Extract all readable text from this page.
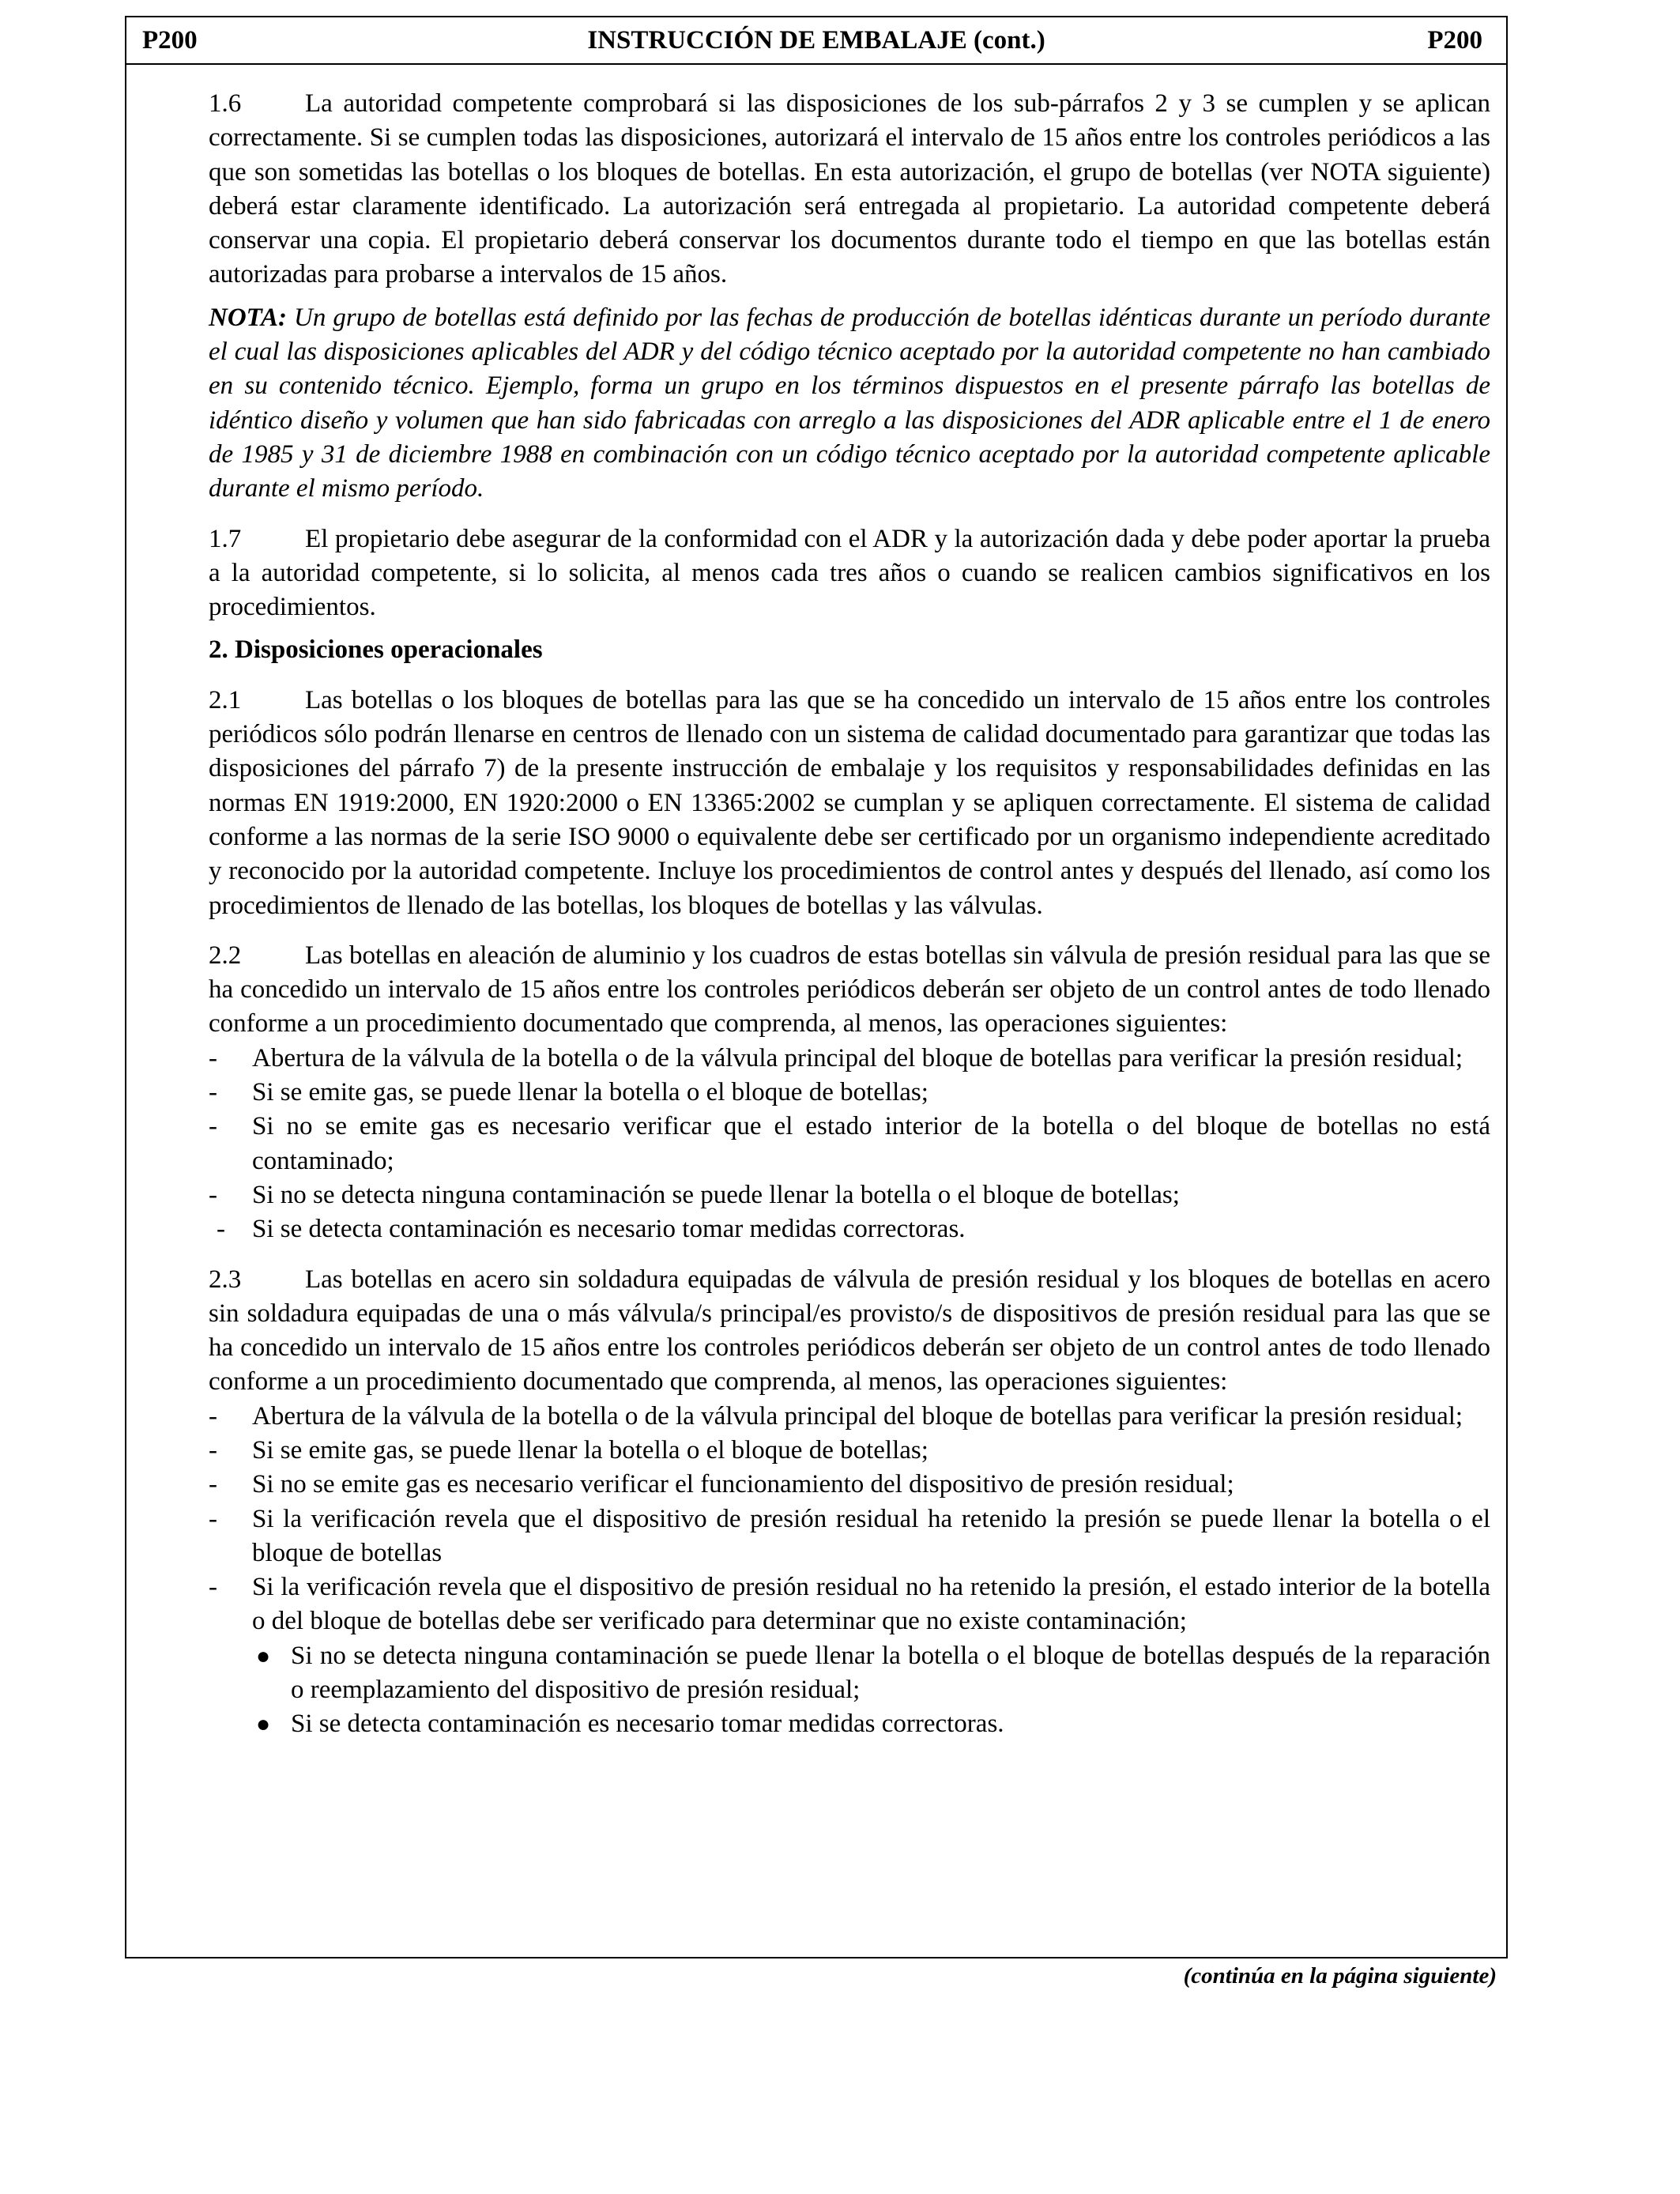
INSTRUCCIÓN DE EMBALAJE (cont.)
P200	P200

1.6 La autoridad competente comprobará si las disposiciones de los sub-párrafos 2 y 3 se cumplen y se aplican correctamente. Si se cumplen todas las disposiciones, autorizará el intervalo de 15 años entre los controles periódicos a las que son sometidas las botellas o los bloques de botellas. En esta autorización, el grupo de botellas (ver NOTA siguiente) deberá estar claramente identificado. La autorización será entregada al propietario. La autoridad competente deberá conservar una copia. El propietario deberá conservar los documentos durante todo el tiempo en que las botellas están autorizadas para probarse a intervalos de 15 años.

NOTA: Un grupo de botellas está definido por las fechas de producción de botellas idénticas durante un período durante el cual las disposiciones aplicables del ADR y del código técnico aceptado por la autoridad competente no han cambiado en su contenido técnico. Ejemplo, forma un grupo en los términos dispuestos en el presente párrafo las botellas de idéntico diseño y volumen que han sido fabricadas con arreglo a las disposiciones del ADR aplicable entre el 1 de enero de 1985 y 31 de diciembre 1988 en combinación con un código técnico aceptado por la autoridad competente aplicable durante el mismo período.

1.7 El propietario debe asegurar de la conformidad con el ADR y la autorización dada y debe poder aportar la prueba a la autoridad competente, si lo solicita, al menos cada tres años o cuando se realicen cambios significativos en los procedimientos.

2. Disposiciones operacionales

2.1 Las botellas o los bloques de botellas para las que se ha concedido un intervalo de 15 años entre los controles periódicos sólo podrán llenarse en centros de llenado con un sistema de calidad documentado para garantizar que todas las disposiciones del párrafo 7) de la presente instrucción de embalaje y los requisitos y responsabilidades definidas en las normas EN 1919:2000, EN 1920:2000 o EN 13365:2002 se cumplan y se apliquen correctamente. El sistema de calidad conforme a las normas de la serie ISO 9000 o equivalente debe ser certificado por un organismo independiente acreditado y reconocido por la autoridad competente. Incluye los procedimientos de control antes y después del llenado, así como los procedimientos de llenado de las botellas, los bloques de botellas y las válvulas.

2.2 Las botellas en aleación de aluminio y los cuadros de estas botellas sin válvula de presión residual para las que se ha concedido un intervalo de 15 años entre los controles periódicos deberán ser objeto de un control antes de todo llenado conforme a un procedimiento documentado que comprenda, al menos, las operaciones siguientes:

- Abertura de la válvula de la botella o de la válvula principal del bloque de botellas para verificar la presión residual;
- Si se emite gas, se puede llenar la botella o el bloque de botellas;
- Si no se emite gas es necesario verificar que el estado interior de la botella o del bloque de botellas no está contaminado;
- Si no se detecta ninguna contaminación se puede llenar la botella o el bloque de botellas;
- Si se detecta contaminación es necesario tomar medidas correctoras.

2.3 Las botellas en acero sin soldadura equipadas de válvula de presión residual y los bloques de botellas en acero sin soldadura equipadas de una o más válvula/s principal/es provisto/s de dispositivos de presión residual para las que se ha concedido un intervalo de 15 años entre los controles periódicos deberán ser objeto de un control antes de todo llenado conforme a un procedimiento documentado que comprenda, al menos, las operaciones siguientes:

- Abertura de la válvula de la botella o de la válvula principal del bloque de botellas para verificar la presión residual;
- Si se emite gas, se puede llenar la botella o el bloque de botellas;
- Si no se emite gas es necesario verificar el funcionamiento del dispositivo de presión residual;
- Si la verificación revela que el dispositivo de presión residual ha retenido la presión se puede llenar la botella o el bloque de botellas
- Si la verificación revela que el dispositivo de presión residual no ha retenido la presión, el estado interior de la botella o del bloque de botellas debe ser verificado para determinar que no existe contaminación;
● Si no se detecta ninguna contaminación se puede llenar la botella o el bloque de botellas después de la reparación o reemplazamiento del dispositivo de presión residual;
● Si se detecta contaminación es necesario tomar medidas correctoras.
(continúa en la página siguiente)
